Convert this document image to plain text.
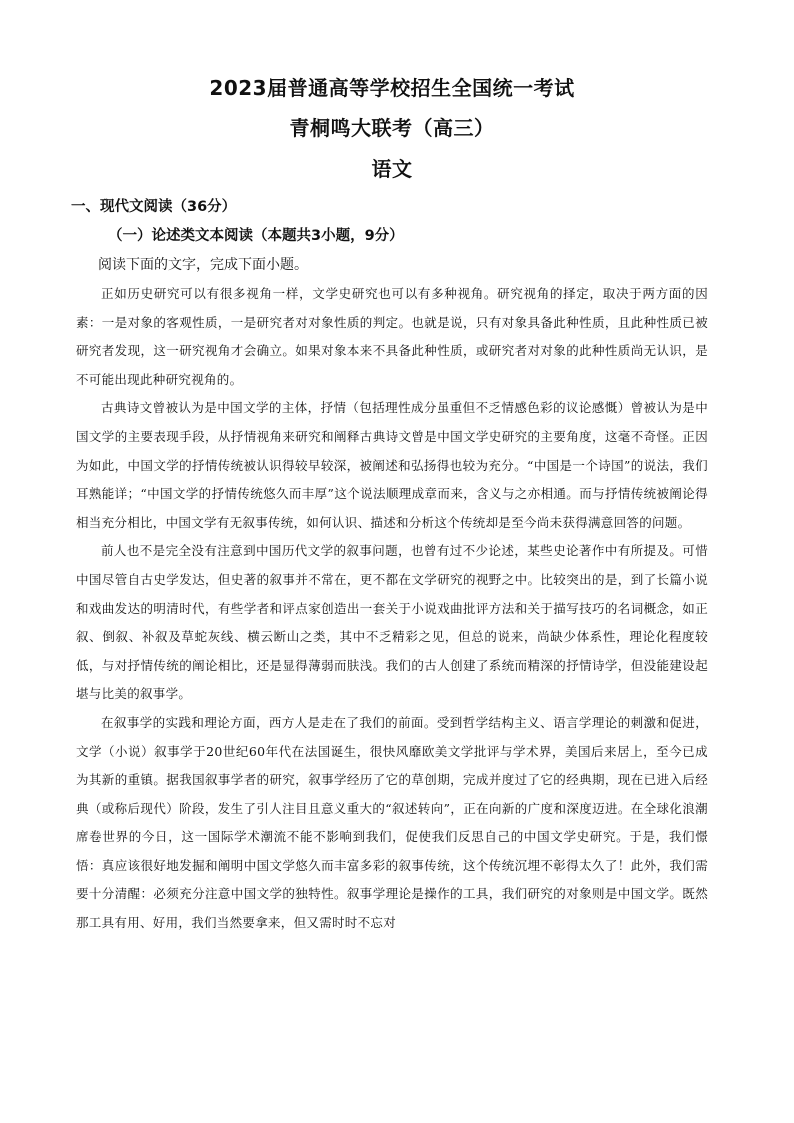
2023届普通高等学校招生全国统一考试
青桐鸣大联考（高三）
语文
一、现代文阅读（36分）
（一）论述类文本阅读（本题共3小题，9分）
阅读下面的文字，完成下面小题。

正如历史研究可以有很多视角一样，文学史研究也可以有多种视角。研究视角的择定，取决于两方面的因素：一是对象的客观性质，一是研究者对对象性质的判定。也就是说，只有对象具备此种性质，且此种性质已被研究者发现，这一研究视角才会确立。如果对象本来不具备此种性质，或研究者对对象的此种性质尚无认识，是不可能出现此种研究视角的。

古典诗文曾被认为是中国文学的主体，抒情（包括理性成分虽重但不乏情感色彩的议论感慨）曾被认为是中国文学的主要表现手段，从抒情视角来研究和阐释古典诗文曾是中国文学史研究的主要角度，这毫不奇怪。正因为如此，中国文学的抒情传统被认识得较早较深，被阐述和弘扬得也较为充分。“中国是一个诗国”的说法，我们耳熟能详；“中国文学的抒情传统悠久而丰厚”这个说法顺理成章而来，含义与之亦相通。而与抒情传统被阐论得相当充分相比，中国文学有无叙事传统，如何认识、描述和分析这个传统却是至今尚未获得满意回答的问题。

前人也不是完全没有注意到中国历代文学的叙事问题，也曾有过不少论述，某些史论著作中有所提及。可惜中国尽管自古史学发达，但史著的叙事并不常在，更不都在文学研究的视野之中。比较突出的是，到了长篇小说和戏曲发达的明清时代，有些学者和评点家创造出一套关于小说戏曲批评方法和关于描写技巧的名词概念，如正叙、倒叙、补叙及草蛇灰线、横云断山之类，其中不乏精彩之见，但总的说来，尚缺少体系性，理论化程度较低，与对抒情传统的阐论相比，还是显得薄弱而肤浅。我们的古人创建了系统而精深的抒情诗学，但没能建设起堪与比美的叙事学。

在叙事学的实践和理论方面，西方人是走在了我们的前面。受到哲学结构主义、语言学理论的刺激和促进，文学（小说）叙事学于20世纪60年代在法国诞生，很快风靡欧美文学批评与学术界，美国后来居上，至今已成为其新的重镇。据我国叙事学者的研究，叙事学经历了它的草创期，完成并度过了它的经典期，现在已进入后经典（或称后现代）阶段，发生了引人注目且意义重大的“叙述转向”，正在向新的广度和深度迈进。在全球化浪潮席卷世界的今日，这一国际学术潮流不能不影响到我们，促使我们反思自己的中国文学史研究。于是，我们憬悟：真应该很好地发掘和阐明中国文学悠久而丰富多彩的叙事传统，这个传统沉埋不彰得太久了！此外，我们需要十分清醒：必须充分注意中国文学的独特性。叙事学理论是操作的工具，我们研究的对象则是中国文学。既然那工具有用、好用，我们当然要拿来，但又需时时不忘对
